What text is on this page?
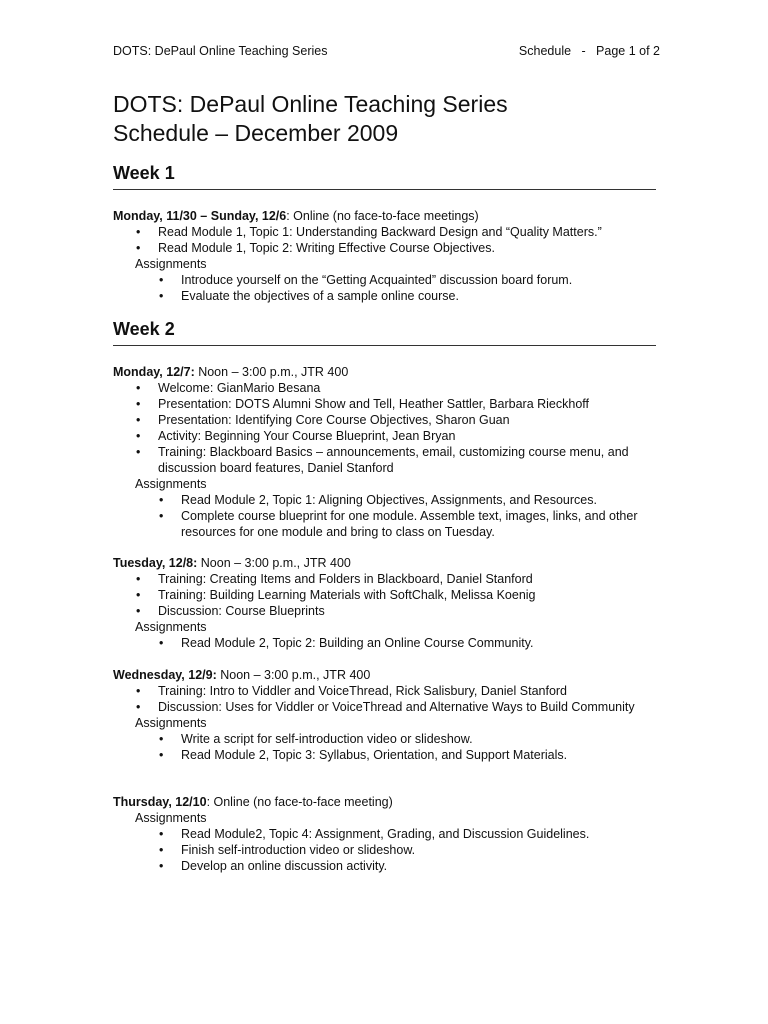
DOTS: DePaul Online Teaching Series	Schedule   -   Page 1 of 2
DOTS: DePaul Online Teaching Series
Schedule – December 2009
Week 1
Monday, 11/30 – Sunday, 12/6: Online (no face-to-face meetings)
• Read Module 1, Topic 1: Understanding Backward Design and “Quality Matters.”
• Read Module 1, Topic 2: Writing Effective Course Objectives.
Assignments
• Introduce yourself on the “Getting Acquainted” discussion board forum.
• Evaluate the objectives of a sample online course.
Week 2
Monday, 12/7: Noon – 3:00 p.m., JTR 400
• Welcome: GianMario Besana
• Presentation: DOTS Alumni Show and Tell, Heather Sattler, Barbara Rieckhoff
• Presentation: Identifying Core Course Objectives, Sharon Guan
• Activity: Beginning Your Course Blueprint, Jean Bryan
• Training: Blackboard Basics – announcements, email, customizing course menu, and discussion board features, Daniel Stanford
Assignments
• Read Module 2, Topic 1: Aligning Objectives, Assignments, and Resources.
• Complete course blueprint for one module. Assemble text, images, links, and other resources for one module and bring to class on Tuesday.
Tuesday, 12/8: Noon – 3:00 p.m., JTR 400
• Training: Creating Items and Folders in Blackboard, Daniel Stanford
• Training: Building Learning Materials with SoftChalk, Melissa Koenig
• Discussion: Course Blueprints
Assignments
• Read Module 2, Topic 2: Building an Online Course Community.
Wednesday, 12/9: Noon – 3:00 p.m., JTR 400
• Training: Intro to Viddler and VoiceThread, Rick Salisbury, Daniel Stanford
• Discussion: Uses for Viddler or VoiceThread and Alternative Ways to Build Community
Assignments
• Write a script for self-introduction video or slideshow.
• Read Module 2, Topic 3: Syllabus, Orientation, and Support Materials.
Thursday, 12/10: Online (no face-to-face meeting)
Assignments
• Read Module2, Topic 4: Assignment, Grading, and Discussion Guidelines.
• Finish self-introduction video or slideshow.
• Develop an online discussion activity.
